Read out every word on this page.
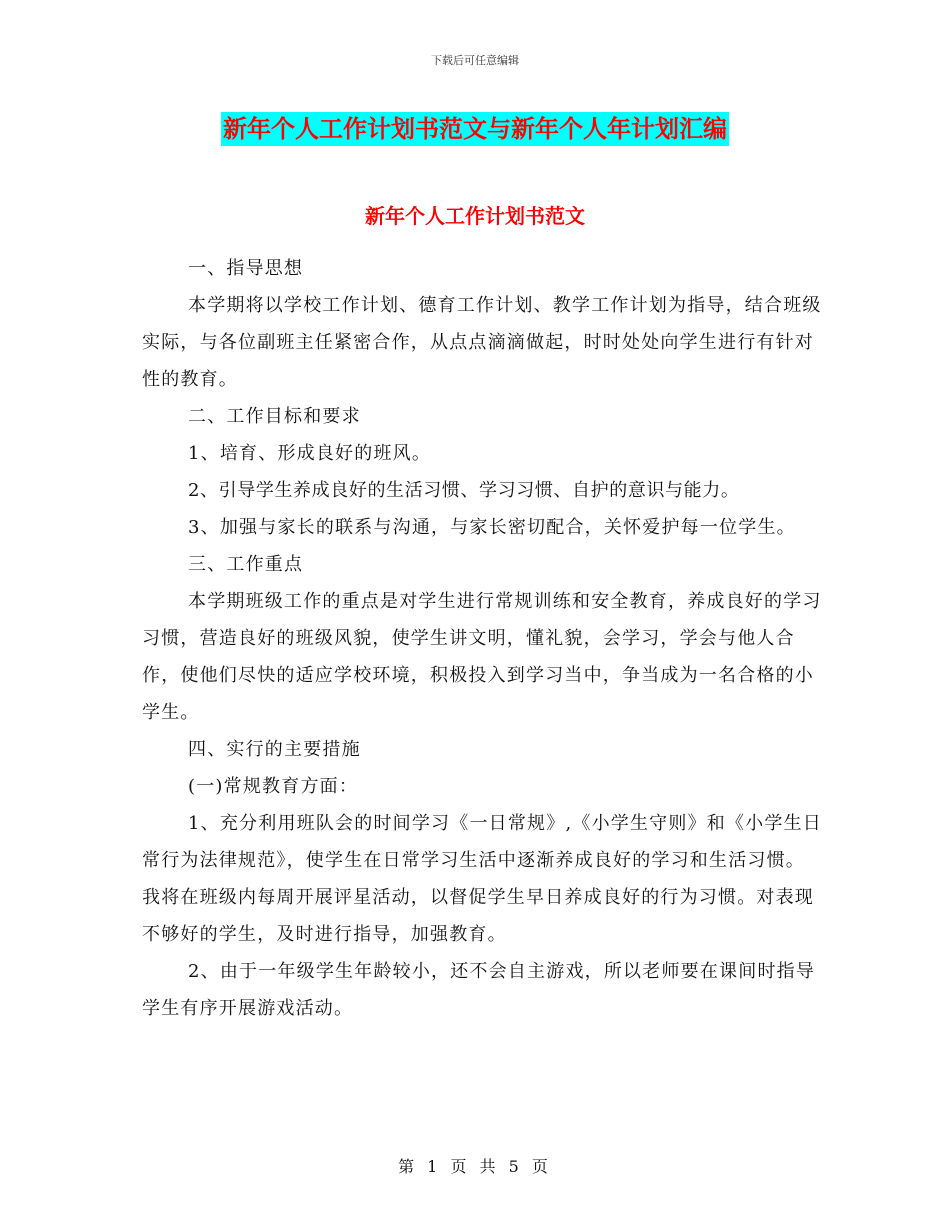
下载后可任意编辑
新年个人工作计划书范文与新年个人年计划汇编
新年个人工作计划书范文

一、指导思想

本学期将以学校工作计划、德育工作计划、教学工作计划为指导，结合班级实际，与各位副班主任紧密合作，从点点滴滴做起，时时处处向学生进行有针对性的教育。

二、工作目标和要求

1、培育、形成良好的班风。

2、引导学生养成良好的生活习惯、学习习惯、自护的意识与能力。

3、加强与家长的联系与沟通，与家长密切配合，关怀爱护每一位学生。

三、工作重点

本学期班级工作的重点是对学生进行常规训练和安全教育，养成良好的学习习惯，营造良好的班级风貌，使学生讲文明，懂礼貌，会学习，学会与他人合作，使他们尽快的适应学校环境，积极投入到学习当中，争当成为一名合格的小学生。

四、实行的主要措施

(一)常规教育方面：

1、充分利用班队会的时间学习《一日常规》,《小学生守则》和《小学生日常行为法律规范》，使学生在日常学习生活中逐渐养成良好的学习和生活习惯。我将在班级内每周开展评星活动，以督促学生早日养成良好的行为习惯。对表现不够好的学生，及时进行指导，加强教育。

2、由于一年级学生年龄较小，还不会自主游戏，所以老师要在课间时指导学生有序开展游戏活动。

第 1 页 共 5 页
